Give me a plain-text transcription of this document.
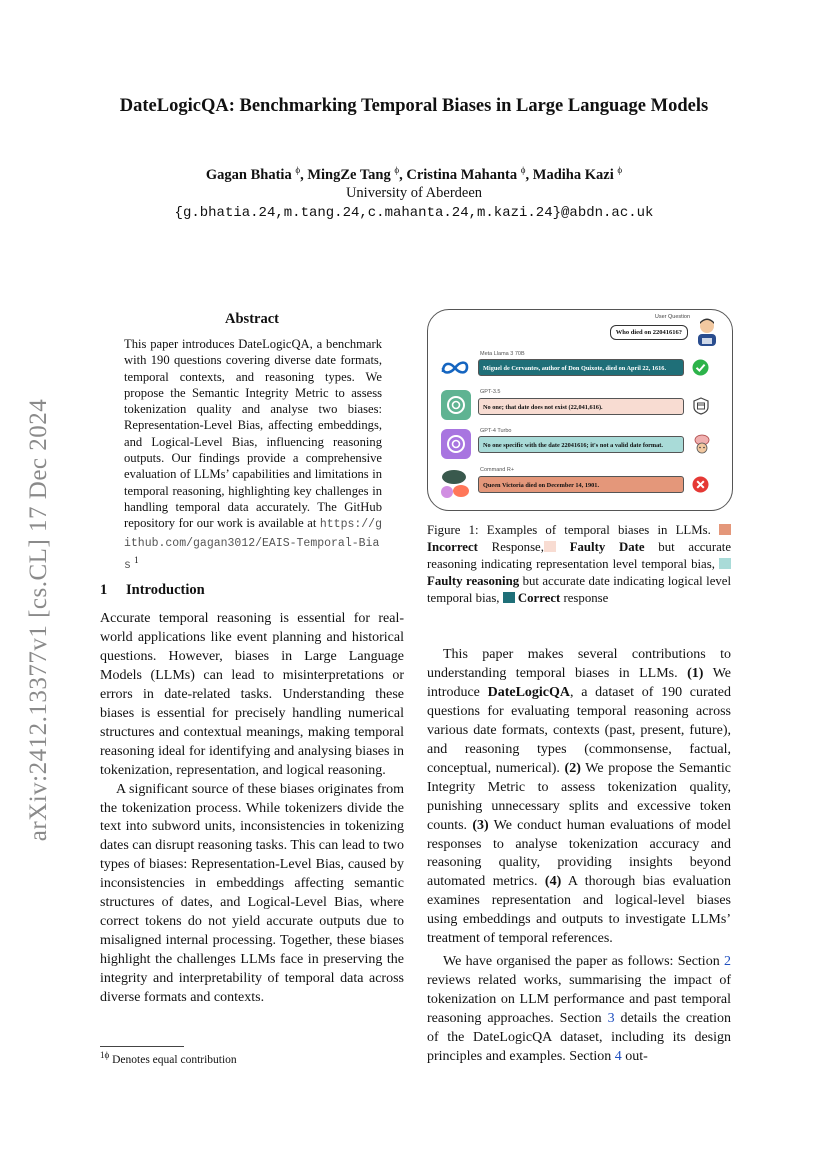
arXiv:2412.13377v1 [cs.CL] 17 Dec 2024
DateLogicQA: Benchmarking Temporal Biases in Large Language Models
Gagan Bhatia $^\phi$, MingZe Tang $^\phi$, Cristina Mahanta $^\phi$, Madiha Kazi $^\phi$
University of Aberdeen
{g.bhatia.24,m.tang.24,c.mahanta.24,m.kazi.24}@abdn.ac.uk
Abstract
This paper introduces DateLogicQA, a benchmark with 190 questions covering diverse date formats, temporal contexts, and reasoning types. We propose the Semantic Integrity Metric to assess tokenization quality and analyse two biases: Representation-Level Bias, affecting embeddings, and Logical-Level Bias, influencing reasoning outputs. Our findings provide a comprehensive evaluation of LLMs’ capabilities and limitations in temporal reasoning, highlighting key challenges in handling temporal data accurately. The GitHub repository for our work is available at https://github.com/gagan3012/EAIS-Temporal-Bias $^1$
1 Introduction

Accurate temporal reasoning is essential for real-world applications like event planning and historical questions. However, biases in Large Language Models (LLMs) can lead to misinterpretations or errors in date-related tasks. Understanding these biases is essential for precisely handling numerical structures and contextual meanings, making temporal reasoning ideal for identifying and analysing biases in tokenization, representation, and logical reasoning.

A significant source of these biases originates from the tokenization process. While tokenizers divide the text into subword units, inconsistencies in tokenizing dates can disrupt reasoning tasks. This can lead to two types of biases: Representation-Level Bias, caused by inconsistencies in embeddings affecting semantic structures of dates, and Logical-Level Bias, where correct tokens do not yield accurate outputs due to misaligned internal processing. Together, these biases highlight the challenges LLMs face in preserving the integrity and interpretability of temporal data across diverse formats and contexts.

$^{1\phi}$ Denotes equal contribution
User Question
Who died on 22041616?
Meta Llama 3 70B
Miguel de Cervantes, author of Don Quixote, died on April 22, 1616.
GPT-3.5
No one; that date does not exist (22,041,616).
GPT-4 Turbo
No one specific with the date 22041616; it's not a valid date format.
Command R+
Queen Victoria died on December 14, 1901.
Figure 1: Examples of temporal biases in LLMs.  Incorrect Response, Faulty Date but accurate reasoning indicating representation level temporal bias,  Faulty reasoning but accurate date indicating logical level temporal bias, Correct response

This paper makes several contributions to understanding temporal biases in LLMs. (1) We introduce DateLogicQA, a dataset of 190 curated questions for evaluating temporal reasoning across various date formats, contexts (past, present, future), and reasoning types (commonsense, factual, conceptual, numerical). (2) We propose the Semantic Integrity Metric to assess tokenization quality, punishing unnecessary splits and excessive token counts. (3) We conduct human evaluations of model responses to analyse tokenization accuracy and reasoning quality, providing insights beyond automated metrics. (4) A thorough bias evaluation examines representation and logical-level biases using embeddings and outputs to investigate LLMs’ treatment of temporal references.

We have organised the paper as follows: Section 2 reviews related works, summarising the impact of tokenization on LLM performance and past temporal reasoning approaches. Section 3 details the creation of the DateLogicQA dataset, including its design principles and examples. Section 4 out-
